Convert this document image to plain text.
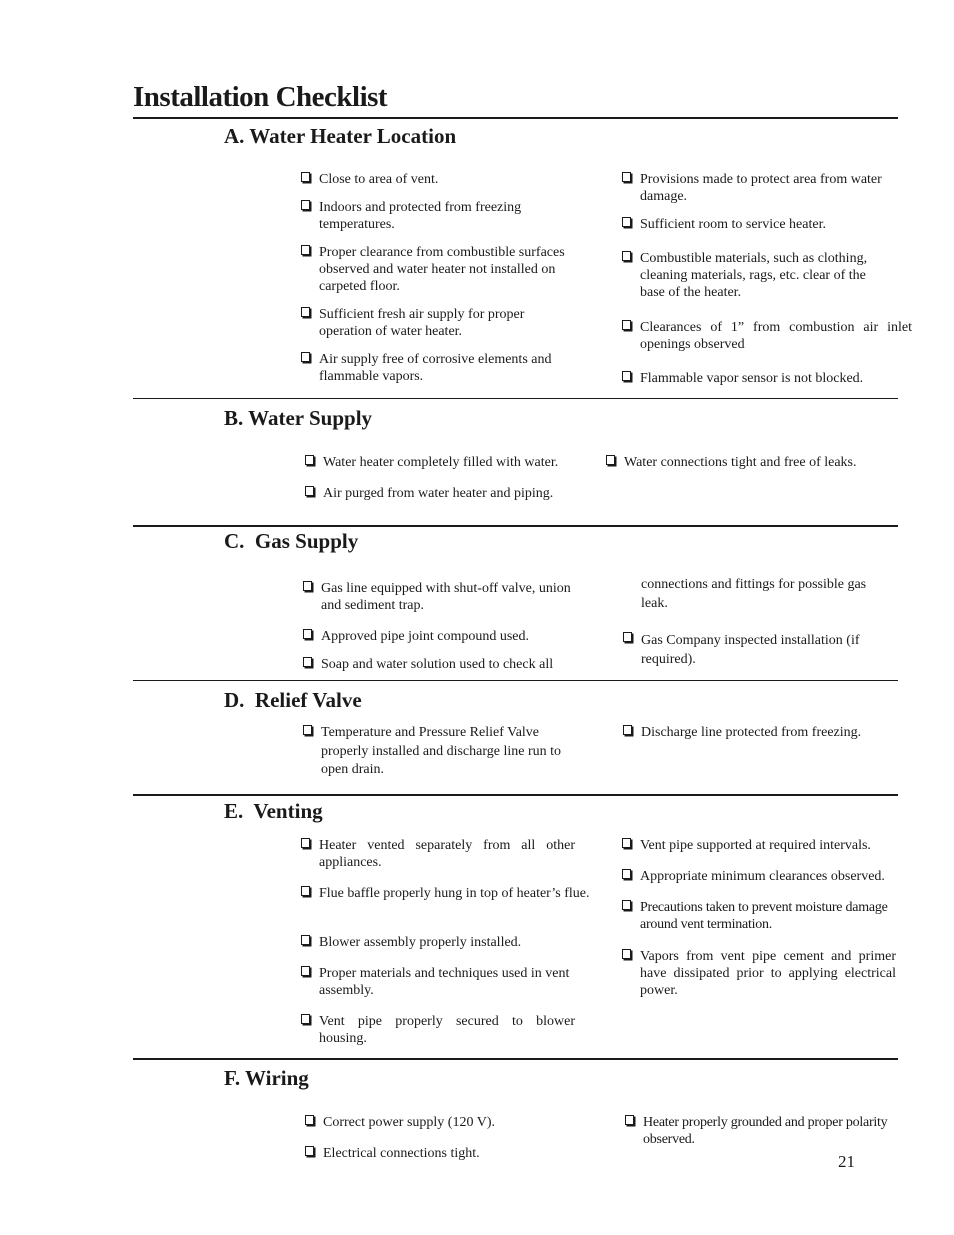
Installation Checklist
A. Water Heater Location
Close to area of vent.
Indoors and protected from freezing temperatures.
Proper clearance from combustible surfaces observed and water heater not installed on carpeted floor.
Sufficient fresh air supply for proper operation of water heater.
Air supply free of corrosive elements and flammable vapors.
Provisions made to protect area from water damage.
Sufficient room to service heater.
Combustible materials, such as clothing, cleaning materials, rags, etc. clear of the base of the heater.
Clearances of 1” from combustion air inlet openings observed
Flammable vapor sensor is not blocked.
B. Water Supply
Water heater completely filled with water.
Air purged from water heater and piping.
Water connections tight and free of leaks.
C.  Gas Supply
Gas line equipped with shut-off valve, union and sediment trap.
Approved pipe joint compound used.
Soap and water solution used to check all
connections and fittings for possible gas leak.
Gas Company inspected installation (if required).
D.  Relief Valve
Temperature and Pressure Relief Valve properly installed and discharge line run to open drain.
Discharge line protected from freezing.
E.  Venting
Heater vented separately from all other appliances.
Flue baffle properly hung in top of heater’s flue.
Blower assembly properly installed.
Proper materials and techniques used in vent assembly.
Vent pipe properly secured to blower housing.
Vent pipe supported at required intervals.
Appropriate minimum clearances observed.
Precautions taken to prevent moisture damage around vent termination.
Vapors from vent pipe cement and primer have dissipated prior to applying electrical power.
F. Wiring
Correct power supply (120 V).
Electrical connections tight.
Heater properly grounded and proper polarity observed.
21
